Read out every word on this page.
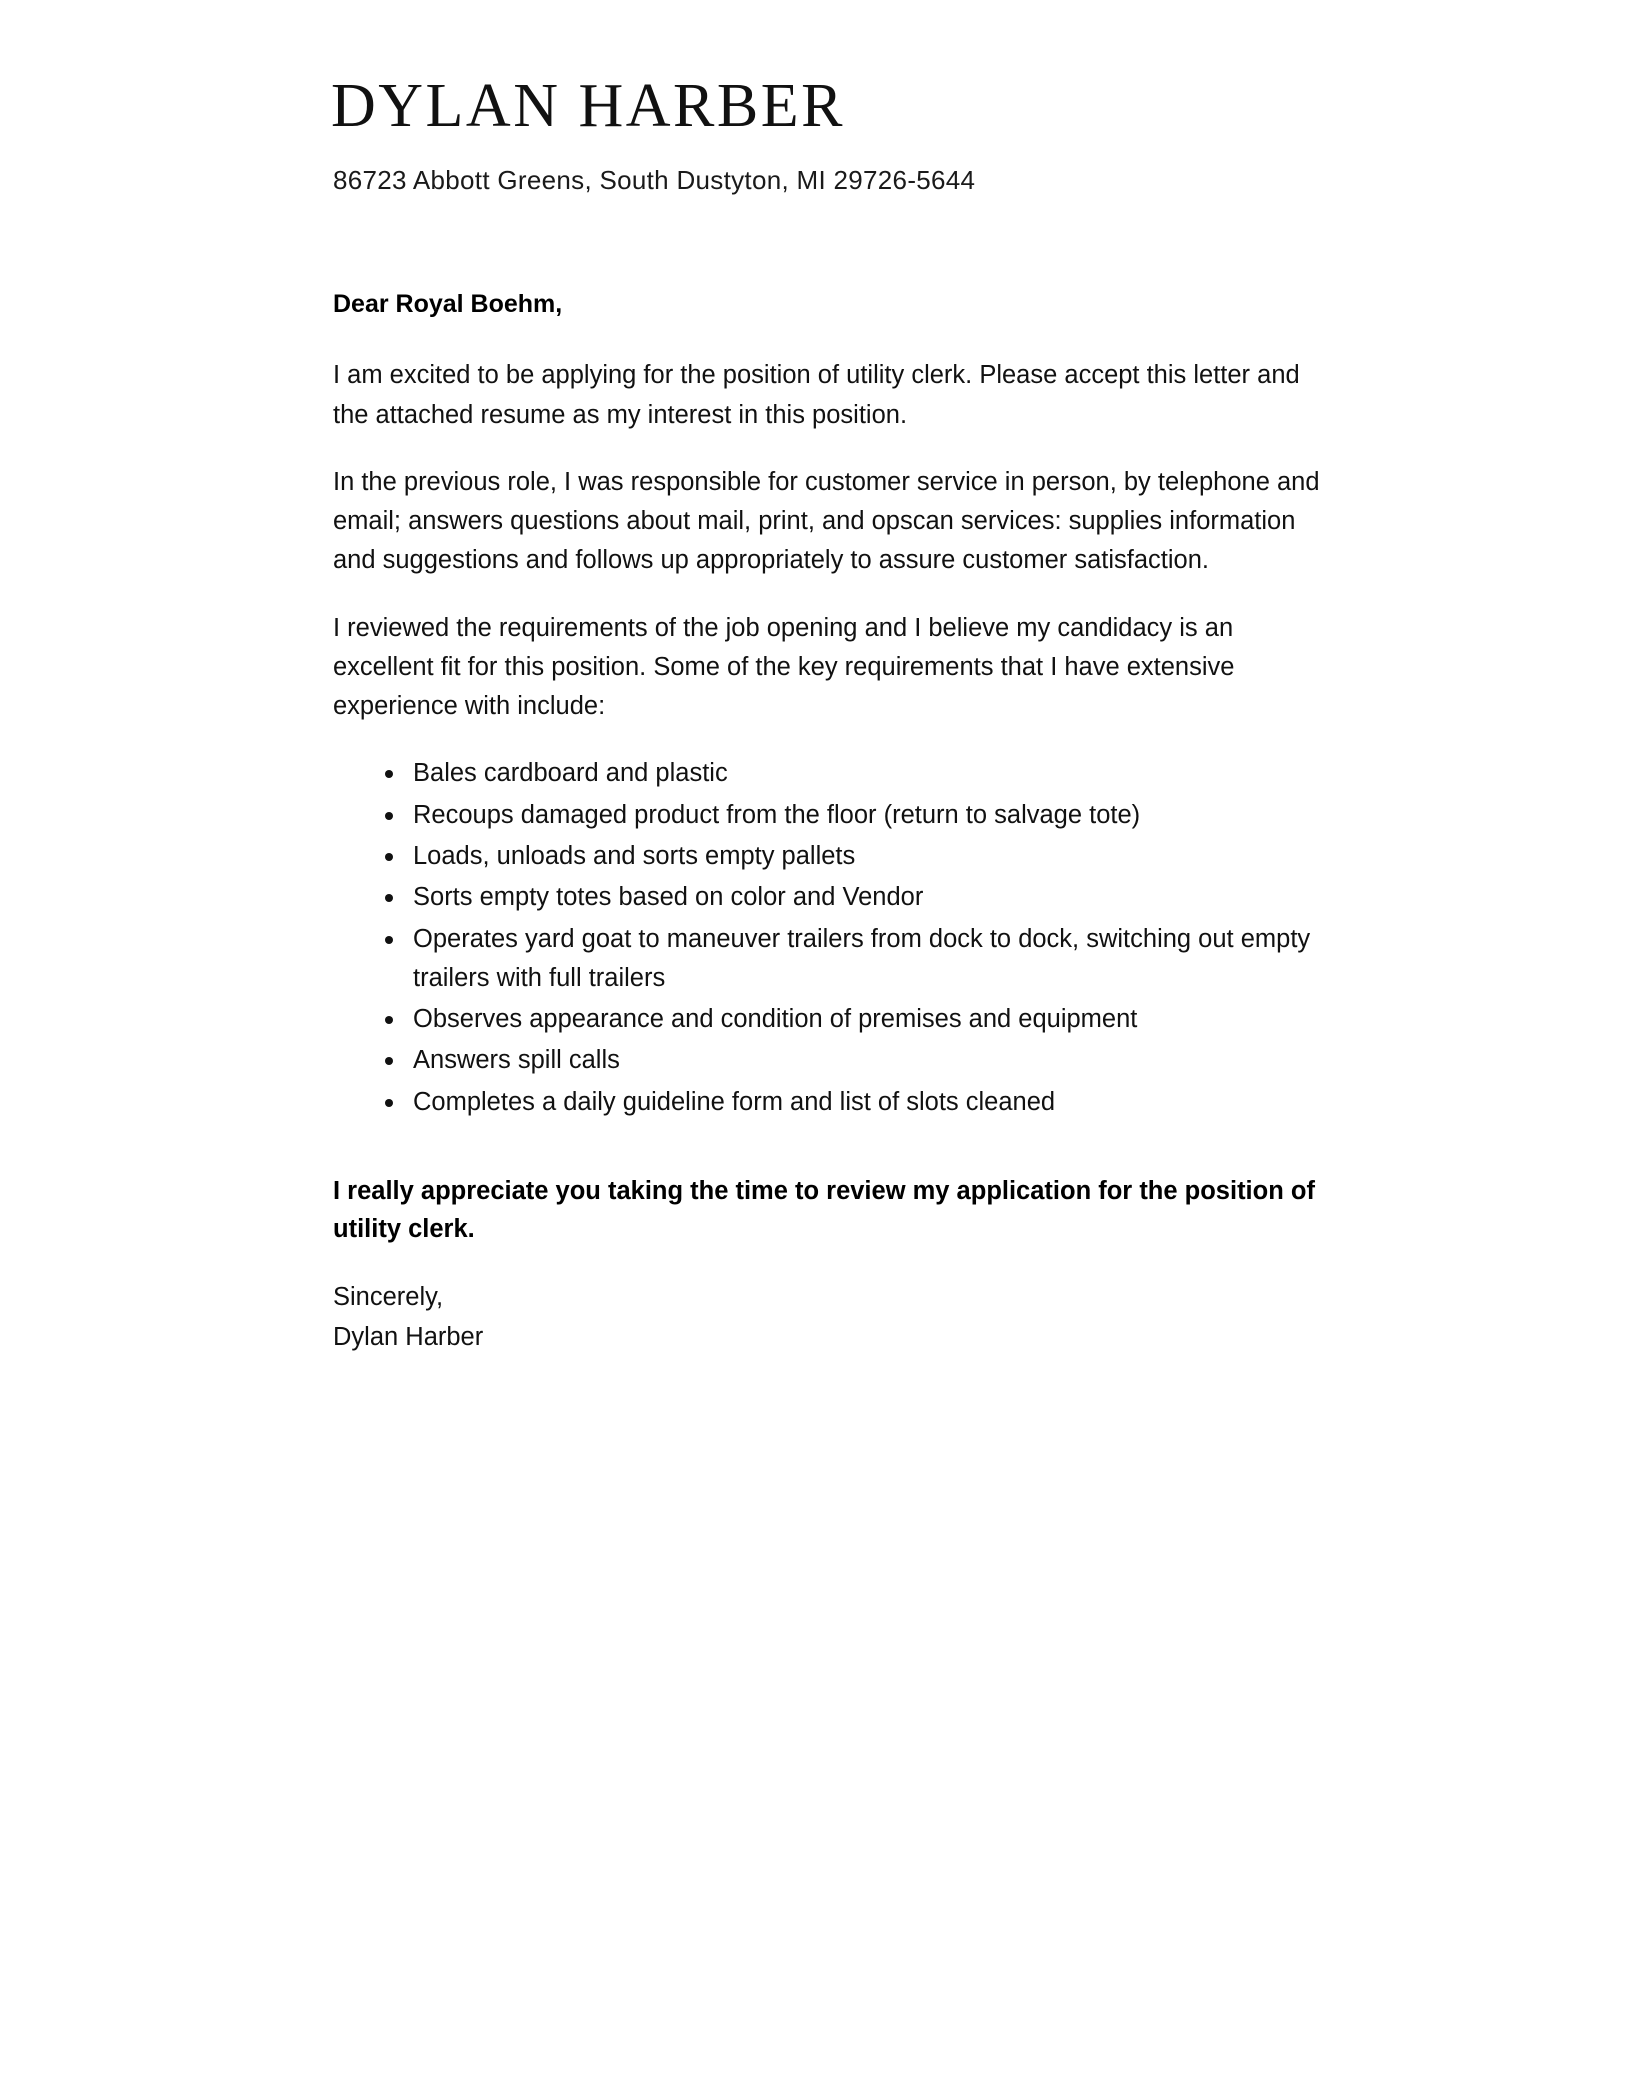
DYLAN HARBER
86723 Abbott Greens, South Dustyton, MI 29726-5644

Dear Royal Boehm,

I am excited to be applying for the position of utility clerk. Please accept this letter and the attached resume as my interest in this position.

In the previous role, I was responsible for customer service in person, by telephone and email; answers questions about mail, print, and opscan services: supplies information and suggestions and follows up appropriately to assure customer satisfaction.

I reviewed the requirements of the job opening and I believe my candidacy is an excellent fit for this position. Some of the key requirements that I have extensive experience with include:

Bales cardboard and plastic
Recoups damaged product from the floor (return to salvage tote)
Loads, unloads and sorts empty pallets
Sorts empty totes based on color and Vendor
Operates yard goat to maneuver trailers from dock to dock, switching out empty trailers with full trailers
Observes appearance and condition of premises and equipment
Answers spill calls
Completes a daily guideline form and list of slots cleaned

I really appreciate you taking the time to review my application for the position of utility clerk.

Sincerely,
Dylan Harber
